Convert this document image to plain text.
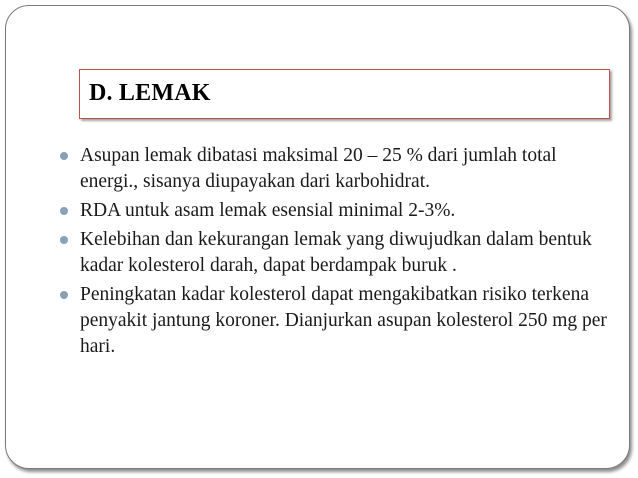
D. LEMAK
Asupan lemak dibatasi maksimal 20 – 25 % dari jumlah total energi., sisanya diupayakan dari karbohidrat.
RDA untuk asam lemak esensial minimal 2-3%.
Kelebihan dan kekurangan lemak yang diwujudkan dalam bentuk kadar kolesterol darah, dapat berdampak buruk .
Peningkatan kadar kolesterol dapat mengakibatkan risiko terkena penyakit jantung koroner. Dianjurkan asupan kolesterol 250 mg per hari.
